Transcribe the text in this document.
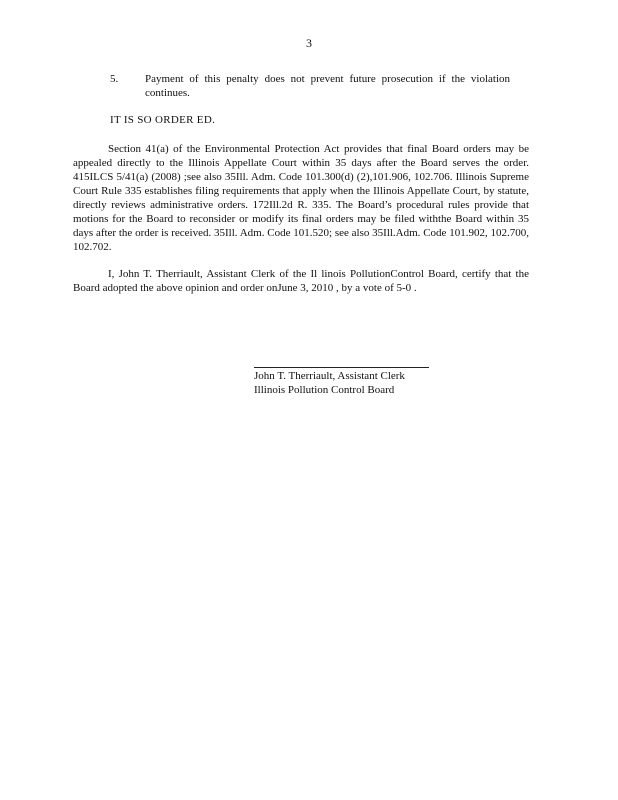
3
5. Payment of this penalty does not prevent future prosecution if the violation continues.
IT IS SO ORDER ED.
Section 41(a) of the Environmental Protection Act provides that final Board orders may be appealed directly to the Illinois Appellate Court within 35 days after the Board serves the order. 415ILCS 5/41(a) (2008) ;see also 35Ill. Adm. Code 101.300(d) (2),101.906, 102.706. Illinois Supreme Court Rule 335 establishes filing requirements that apply when the Illinois Appellate Court, by statute, directly reviews administrative orders. 172Ill.2d R. 335. The Board’s procedural rules provide that motions for the Board to reconsider or modify its final orders may be filed withthe Board within 35 days after the order is received. 35Ill. Adm. Code 101.520; see also 35Ill.Adm. Code 101.902, 102.700, 102.702.
I, John T. Therriault, Assistant Clerk of the Il linois PollutionControl Board, certify that the Board adopted the above opinion and order onJune 3, 2010 , by a vote of 5-0 .
John T. Therriault, Assistant Clerk
Illinois Pollution Control Board
